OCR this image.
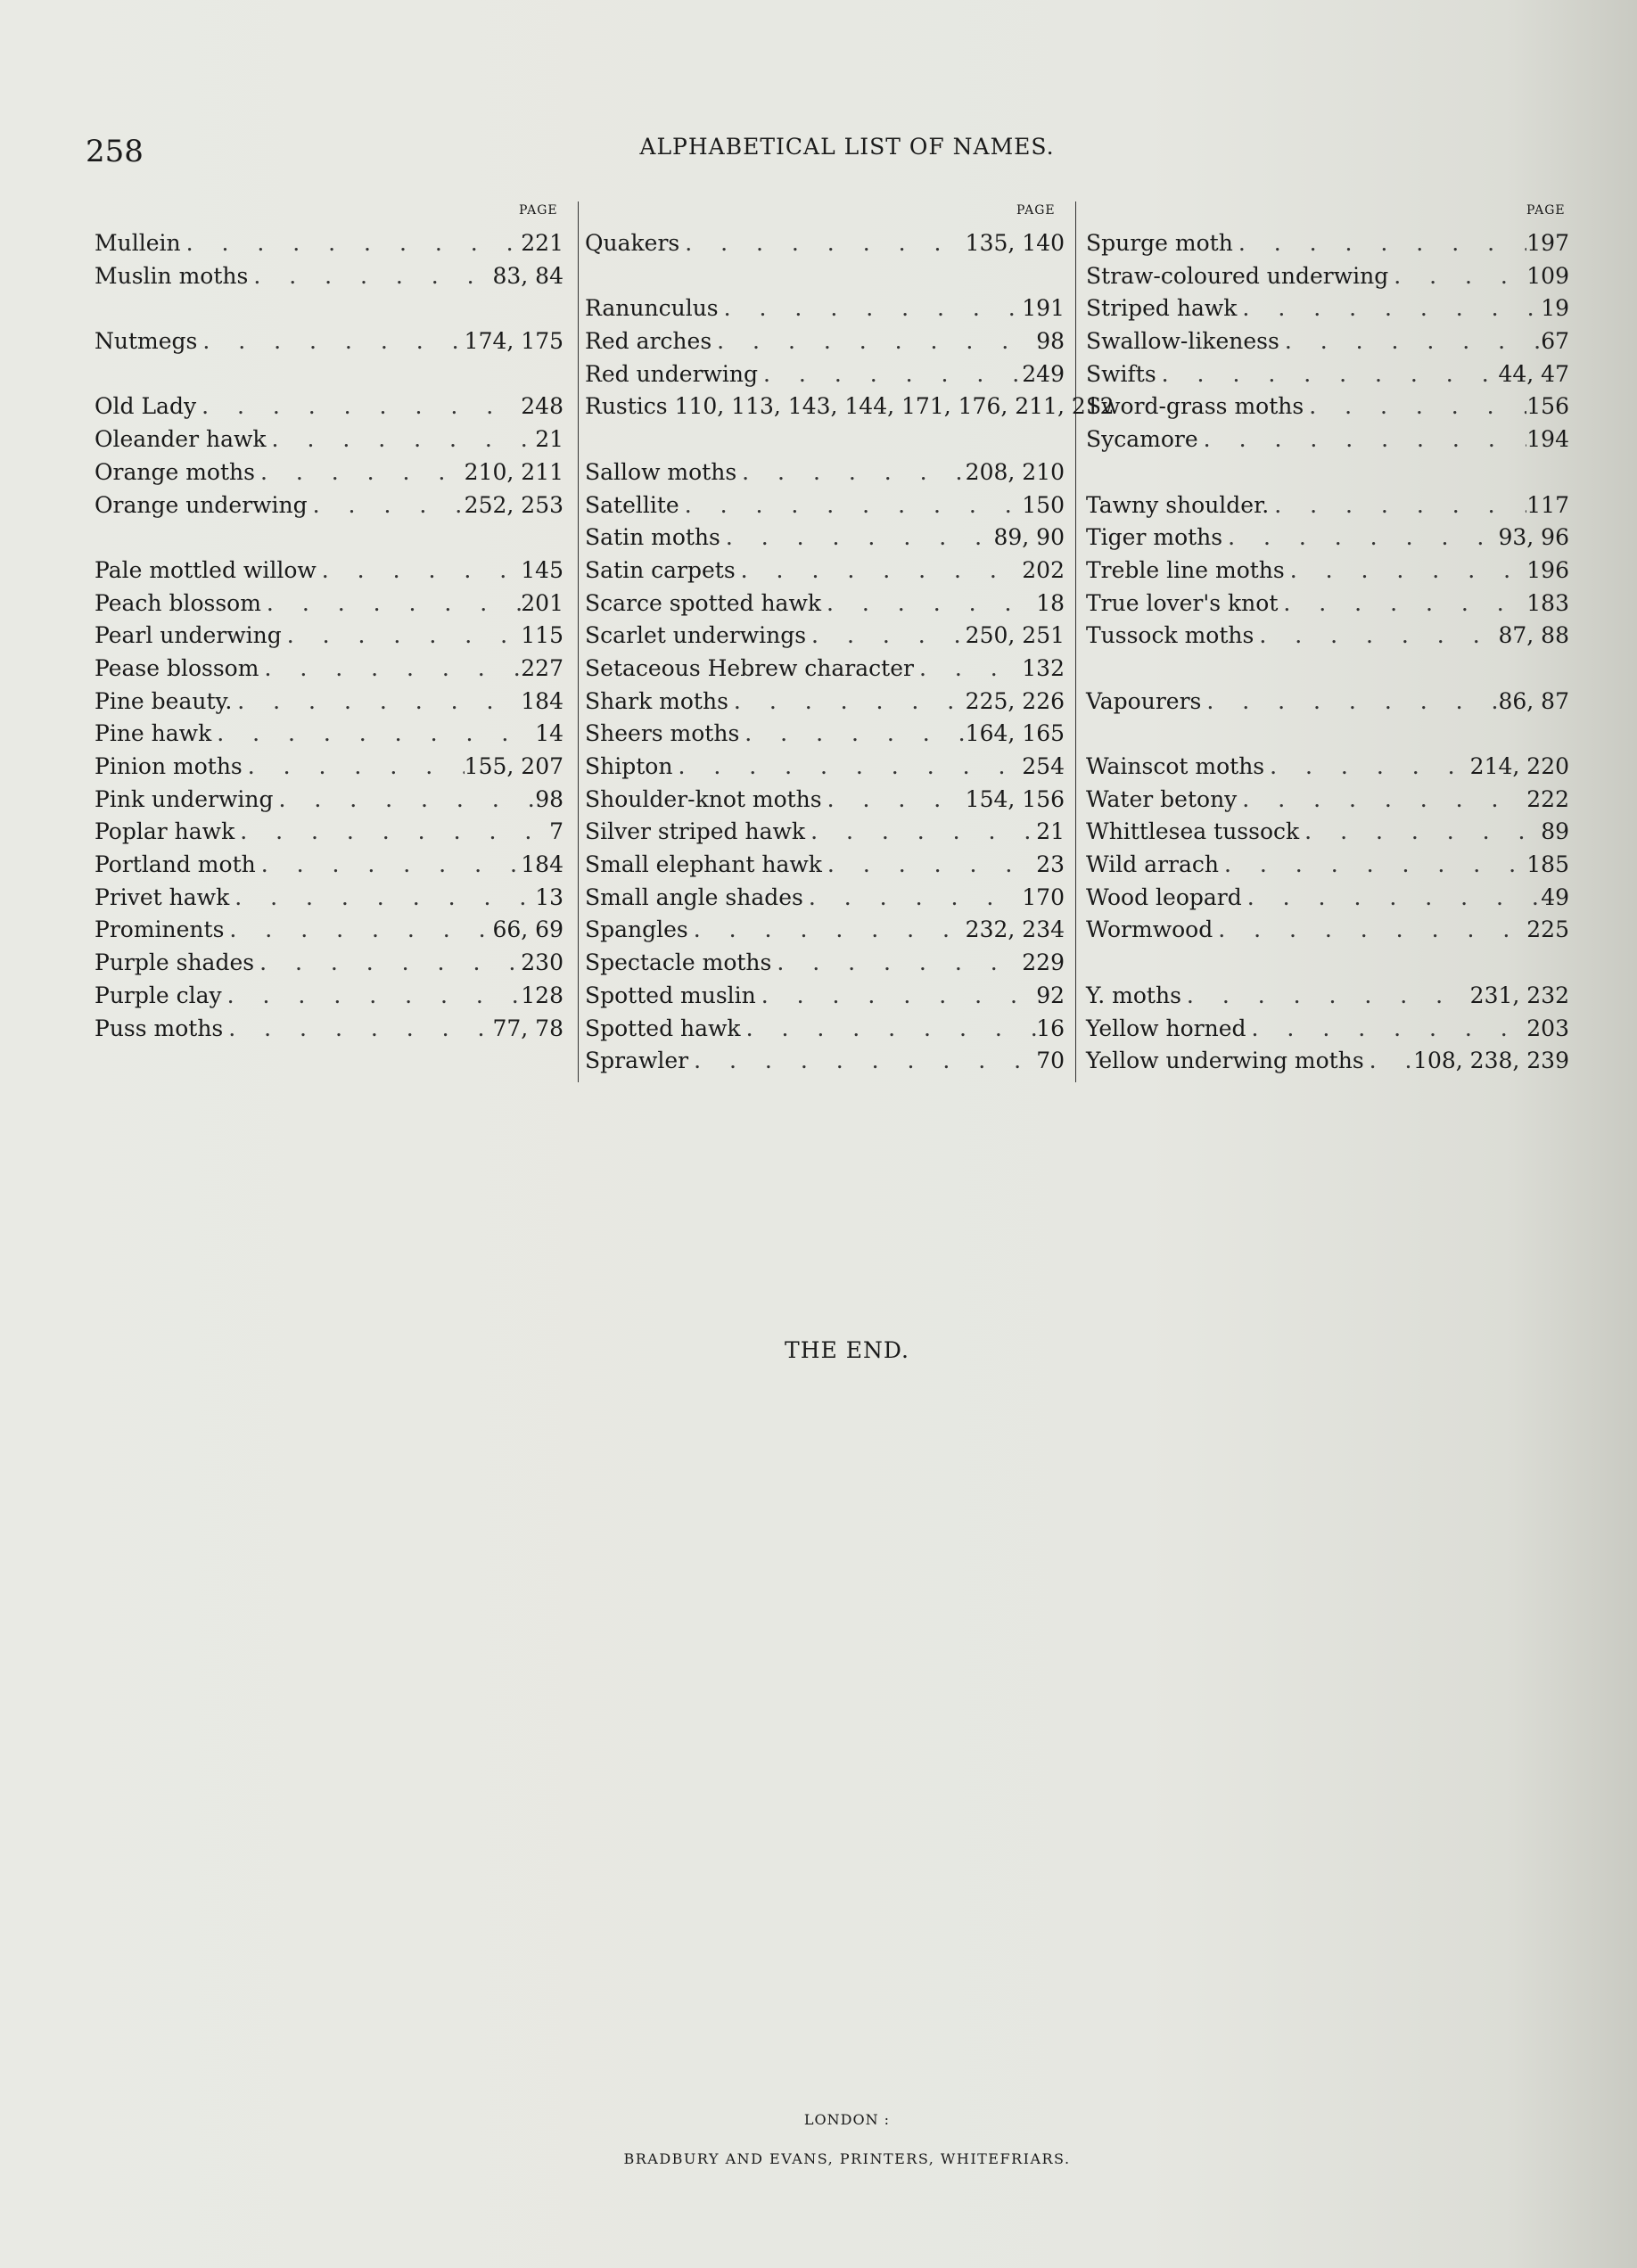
258	ALPHABETICAL LIST OF NAMES.
PAGE	PAGE	PAGE
Mullein . . .	221
Muslin moths . . .	83, 84
Nutmegs . . .	174, 175
Old Lady . . .	248
Oleander hawk . . .	21
Orange moths . . .	210, 211
Orange underwing . . .	252, 253
Pale mottled willow . . .	145
Peach blossom . . .	201
Pearl underwing . . .	115
Pease blossom . . .	227
Pine beauty. . . .	184
Pine hawk . . .	14
Pinion moths . . .	155, 207
Pink underwing . . .	98
Poplar hawk . . .	7
Portland moth . . .	184
Privet hawk . . .	13
Prominents . . .	66, 69
Purple shades . . .	230
Purple clay . . .	128
Puss moths . . .	77, 78
Quakers . . .	135, 140
Ranunculus . . .	191
Red arches . . .	98
Red underwing . . .	249
Rustics 110, 113, 143, 144, 171, 176, 211, 212
Sallow moths . . .	208, 210
Satellite . . .	150
Satin moths . . .	89, 90
Satin carpets . . .	202
Scarce spotted hawk . . .	18
Scarlet underwings . . .	250, 251
Setaceous Hebrew character . . .	132
Shark moths . . .	225, 226
Sheers moths . . .	164, 165
Shipton . . .	254
Shoulder-knot moths . . .	154, 156
Silver striped hawk . . .	21
Small elephant hawk . . .	23
Small angle shades . . .	170
Spangles . . .	232, 234
Spectacle moths . . .	229
Spotted muslin . . .	92
Spotted hawk . . .	16
Sprawler . . .	70
Spurge moth . . .	197
Straw-coloured underwing . . .	109
Striped hawk . . .	19
Swallow-likeness . . .	67
Swifts . . .	44, 47
Sword-grass moths . . .	156
Sycamore . . .	194
Tawny shoulder. . . .	117
Tiger moths . . .	93, 96
Treble line moths . . .	196
True lover's knot . . .	183
Tussock moths . . .	87, 88
Vapourers . . .	86, 87
Wainscot moths . . .	214, 220
Water betony . . .	222
Whittlesea tussock . . .	89
Wild arrach . . .	185
Wood leopard . . .	49
Wormwood . . .	225
Y. moths . . .	231, 232
Yellow horned . . .	203
Yellow underwing moths . . . 108, 238, 239
THE END.
LONDON :
BRADBURY AND EVANS, PRINTERS, WHITEFRIARS.
